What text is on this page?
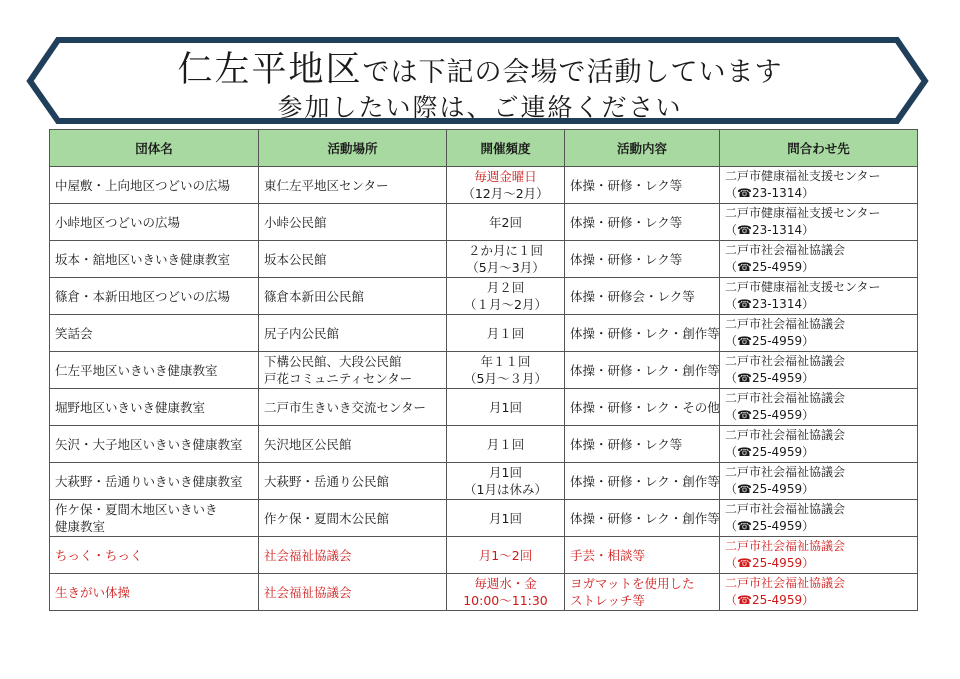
仁左平地区では下記の会場で活動しています
参加したい際は、ご連絡ください
団体名	活動場所	開催頻度	活動内容	問合わせ先

中屋敷・上向地区つどいの広場	東仁左平地区センター	毎週金曜日
（12月～2月）	体操・研修・レク等	二戸市健康福祉支援センター
（☎23-1314）

小峠地区つどいの広場	小峠公民館	年2回	体操・研修・レク等	二戸市健康福祉支援センター
（☎23-1314）

坂本・舘地区いきいき健康教室	坂本公民館	２か月に１回
（5月～3月）	体操・研修・レク等	二戸市社会福祉協議会
（☎25-4959）

篠倉・本新田地区つどいの広場	篠倉本新田公民館	月２回
（１月～2月）	体操・研修会・レク等	二戸市健康福祉支援センター
（☎23-1314）

笑話会	尻子内公民館	月１回	体操・研修・レク・創作等	二戸市社会福祉協議会
（☎25-4959）

仁左平地区いきいき健康教室	下構公民館、大段公民館
戸花コミュニティセンター	年１１回
（5月～３月）	体操・研修・レク・創作等	二戸市社会福祉協議会
（☎25-4959）

堀野地区いきいき健康教室	二戸市生きいき交流センター	月1回	体操・研修・レク・その他	二戸市社会福祉協議会
（☎25-4959）

矢沢・大子地区いきいき健康教室	矢沢地区公民館	月１回	体操・研修・レク等	二戸市社会福祉協議会
（☎25-4959）

大萩野・岳通りいきいき健康教室	大萩野・岳通り公民館	月1回
（1月は休み）	体操・研修・レク・創作等	二戸市社会福祉協議会
（☎25-4959）

作ケ保・夏間木地区いきいき
健康教室	作ケ保・夏間木公民館	月1回	体操・研修・レク・創作等	二戸市社会福祉協議会
（☎25-4959）

ちっく・ちっく	社会福祉協議会	月1～2回	手芸・相談等	二戸市社会福祉協議会
（☎25-4959）

生きがい体操	社会福祉協議会	毎週水・金
10:00～11:30	ヨガマットを使用した
ストレッチ等	二戸市社会福祉協議会
（☎25-4959）
